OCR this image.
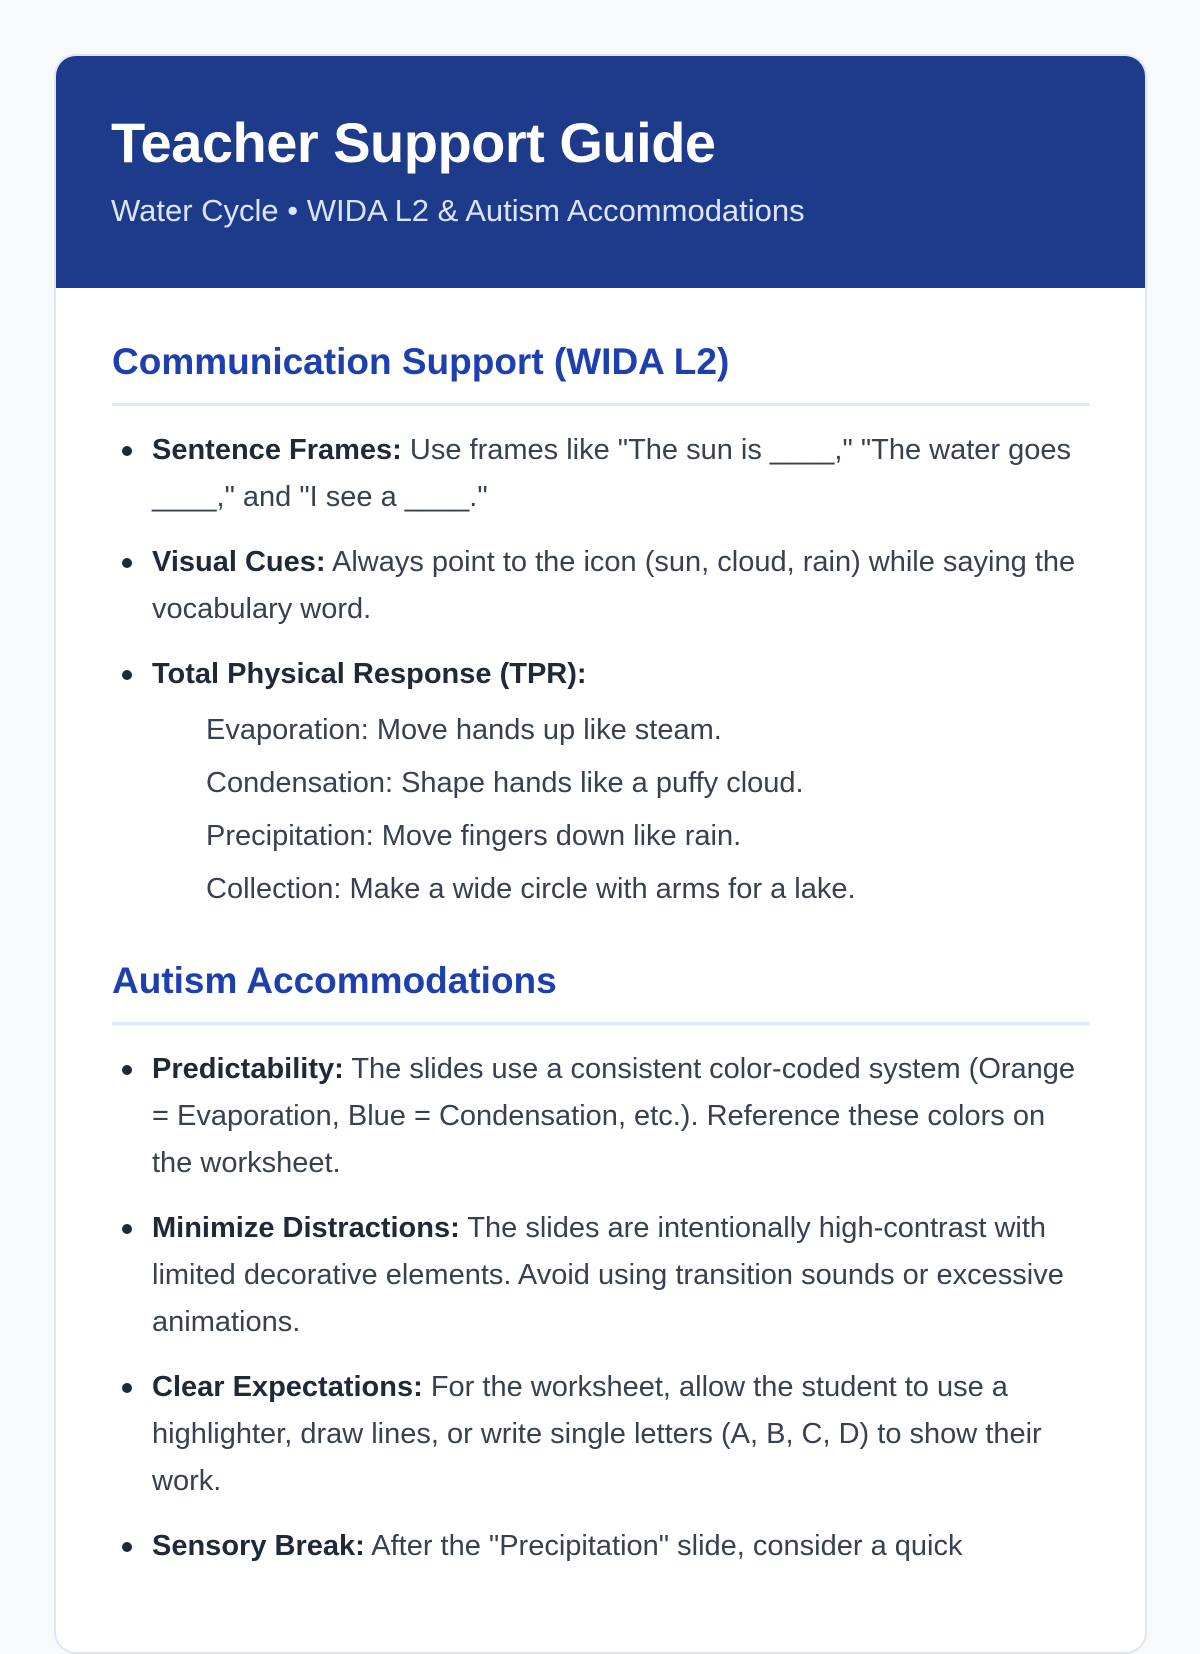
Teacher Support Guide

Water Cycle • WIDA L2 & Autism Accommodations

Communication Support (WIDA L2)
Sentence Frames: Use frames like "The sun is ____," "The water goes ____," and "I see a ____."
Visual Cues: Always point to the icon (sun, cloud, rain) while saying the vocabulary word.
Total Physical Response (TPR):
Evaporation: Move hands up like steam.
Condensation: Shape hands like a puffy cloud.
Precipitation: Move fingers down like rain.
Collection: Make a wide circle with arms for a lake.
Autism Accommodations
Predictability: The slides use a consistent color-coded system (Orange = Evaporation, Blue = Condensation, etc.). Reference these colors on the worksheet.
Minimize Distractions: The slides are intentionally high-contrast with limited decorative elements. Avoid using transition sounds or excessive animations.
Clear Expectations: For the worksheet, allow the student to use a highlighter, draw lines, or write single letters (A, B, C, D) to show their work.
Sensory Break: After the "Precipitation" slide, consider a quick
